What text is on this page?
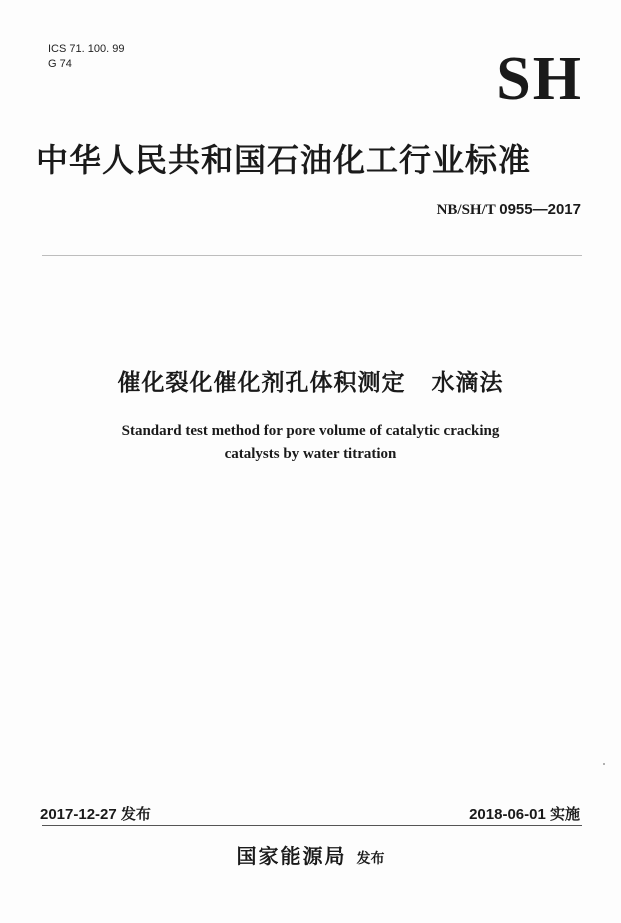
ICS 71. 100. 99
G 74	SH
中华人民共和国石油化工行业标准
NB/SH/T 0955—2017
催化裂化催化剂孔体积测定 水滴法
Standard test method for pore volume of catalytic cracking
catalysts by water titration
2017-12-27 发布	2018-06-01 实施
国家能源局 发布
